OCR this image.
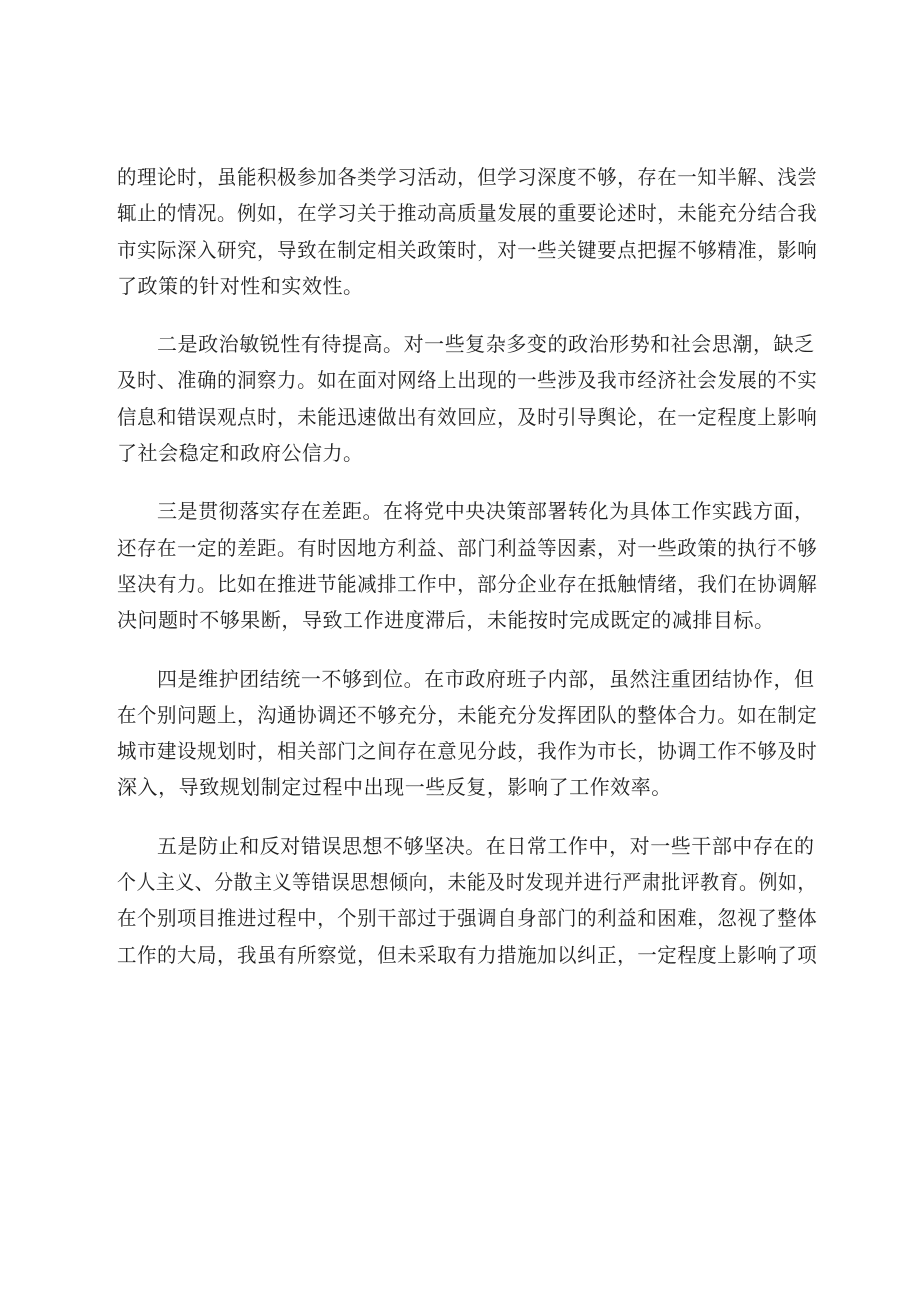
的理论时，虽能积极参加各类学习活动，但学习深度不够，存在一知半解、浅尝
辄止的情况。例如，在学习关于推动高质量发展的重要论述时，未能充分结合我
市实际深入研究，导致在制定相关政策时，对一些关键要点把握不够精准，影响
了政策的针对性和实效性。
二是政治敏锐性有待提高。对一些复杂多变的政治形势和社会思潮，缺乏
及时、准确的洞察力。如在面对网络上出现的一些涉及我市经济社会发展的不实
信息和错误观点时，未能迅速做出有效回应，及时引导舆论，在一定程度上影响
了社会稳定和政府公信力。
三是贯彻落实存在差距。在将党中央决策部署转化为具体工作实践方面，
还存在一定的差距。有时因地方利益、部门利益等因素，对一些政策的执行不够
坚决有力。比如在推进节能减排工作中，部分企业存在抵触情绪，我们在协调解
决问题时不够果断，导致工作进度滞后，未能按时完成既定的减排目标。
四是维护团结统一不够到位。在市政府班子内部，虽然注重团结协作，但
在个别问题上，沟通协调还不够充分，未能充分发挥团队的整体合力。如在制定
城市建设规划时，相关部门之间存在意见分歧，我作为市长，协调工作不够及时
深入，导致规划制定过程中出现一些反复，影响了工作效率。
五是防止和反对错误思想不够坚决。在日常工作中，对一些干部中存在的
个人主义、分散主义等错误思想倾向，未能及时发现并进行严肃批评教育。例如，
在个别项目推进过程中，个别干部过于强调自身部门的利益和困难，忽视了整体
工作的大局，我虽有所察觉，但未采取有力措施加以纠正，一定程度上影响了项
